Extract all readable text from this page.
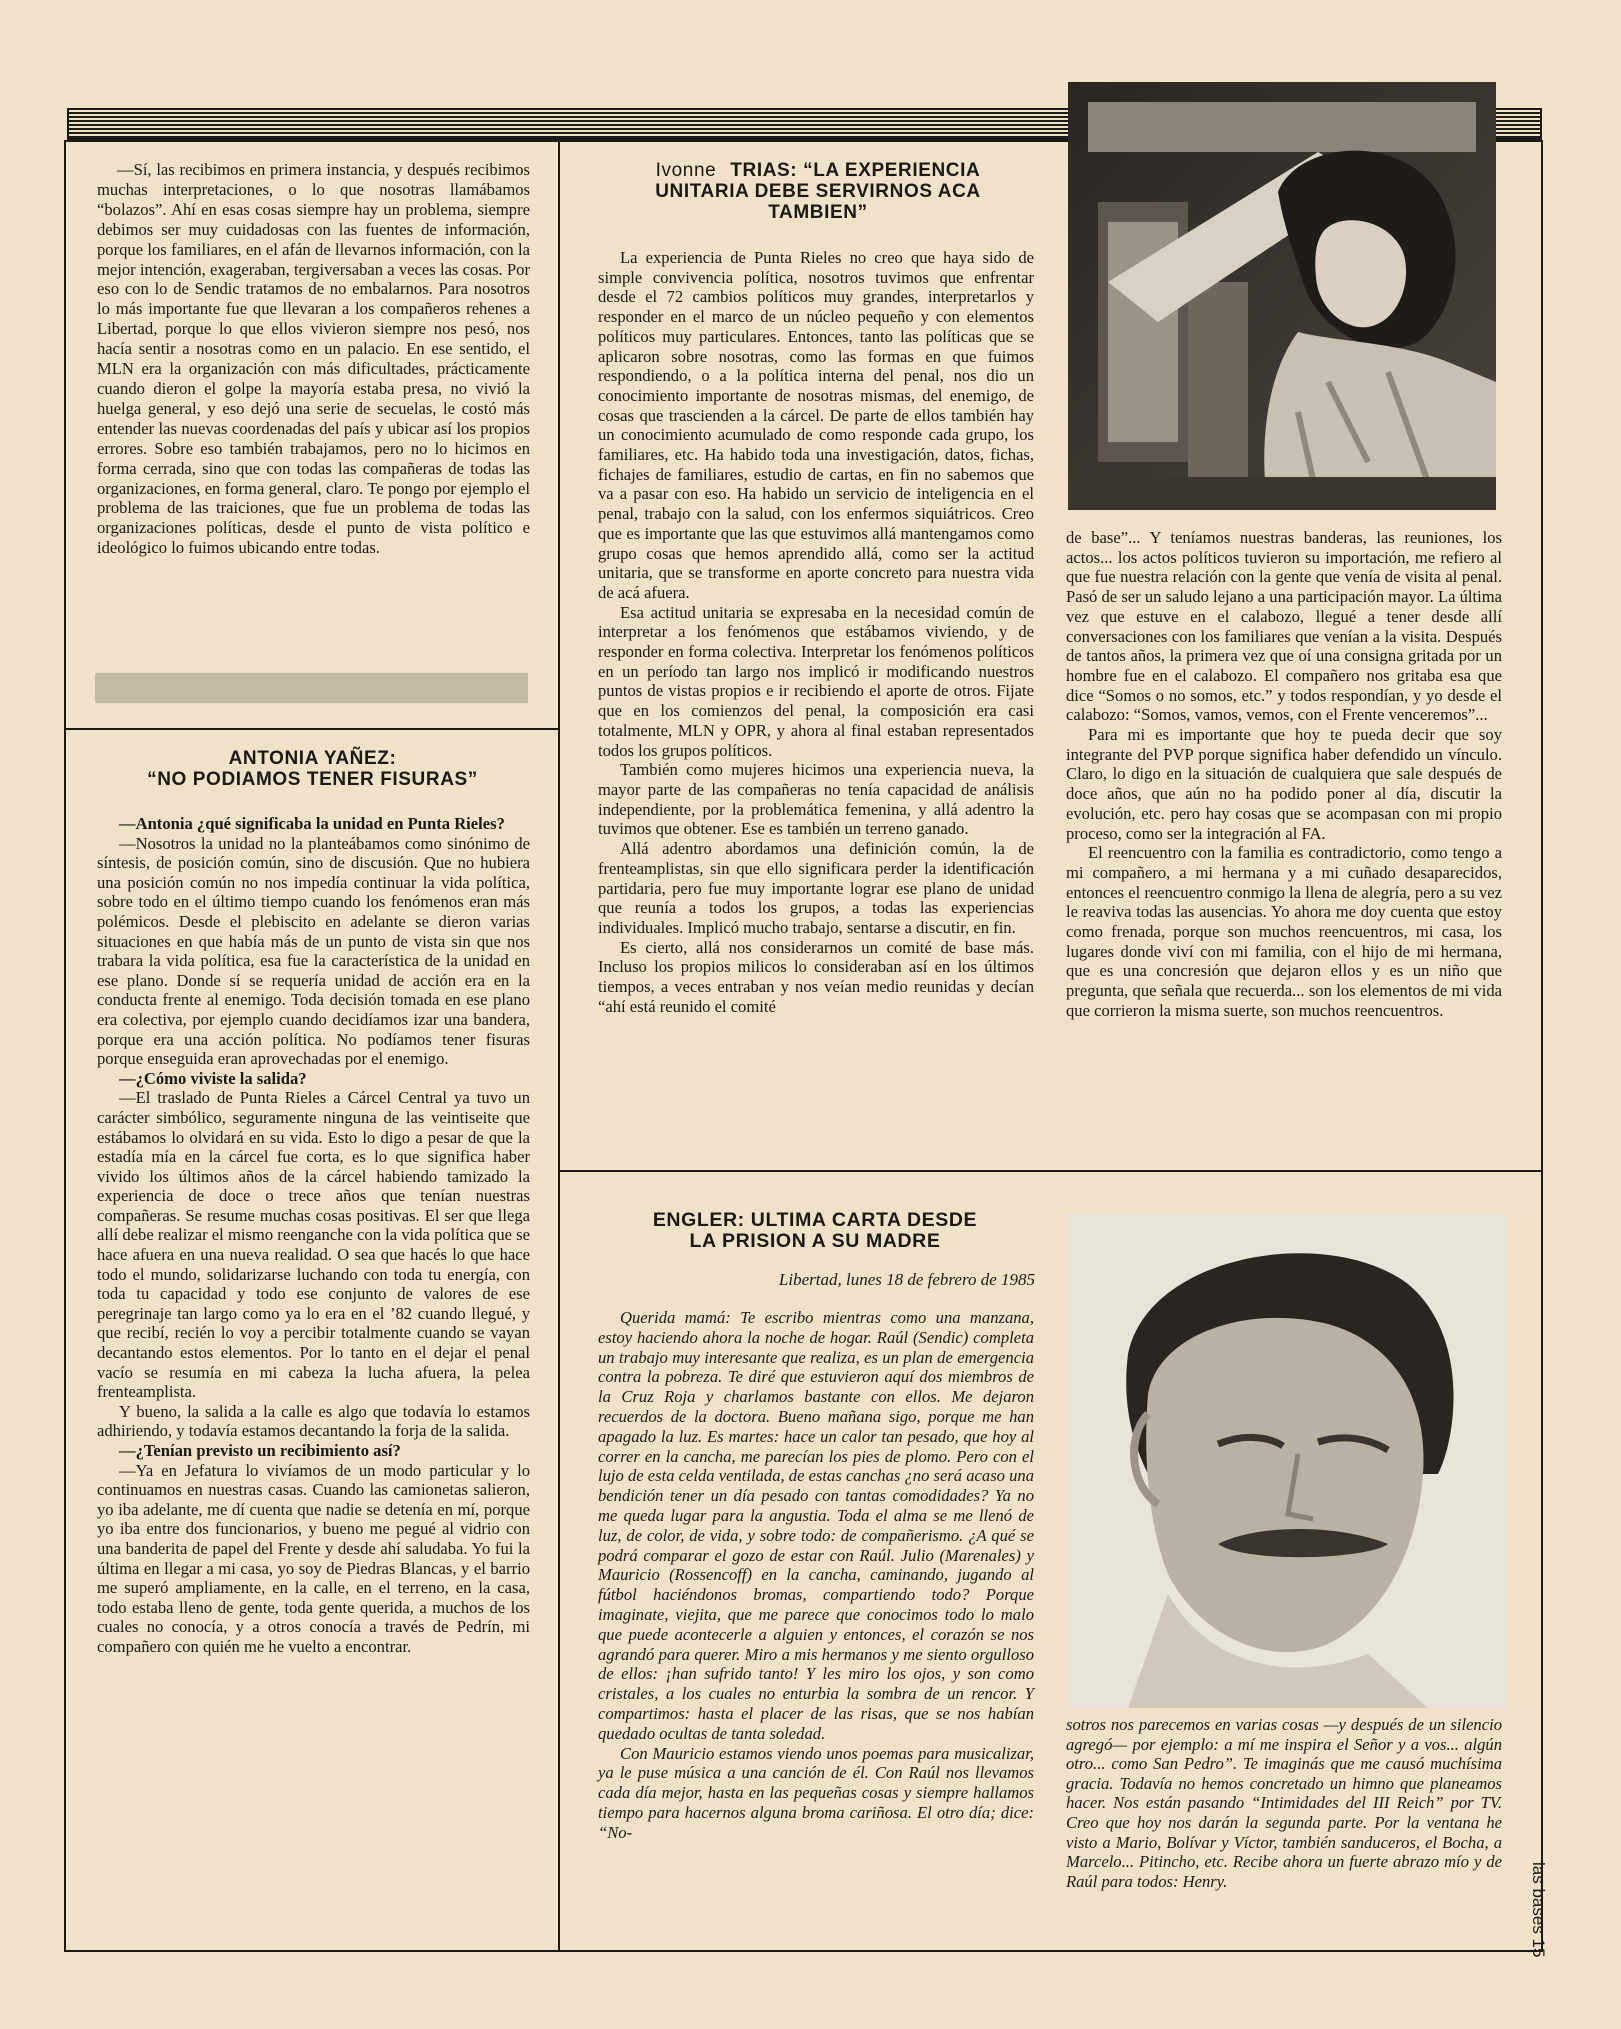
—Sí, las recibimos en primera instancia, y después recibimos muchas interpretaciones, o lo que nosotras llamábamos “bolazos”. Ahí en esas cosas siempre hay un problema, siempre debimos ser muy cuidadosas con las fuentes de información, porque los familiares, en el afán de llevarnos información, con la mejor intención, exageraban, tergiversaban a veces las cosas. Por eso con lo de Sendic tratamos de no embalarnos. Para nosotros lo más importante fue que llevaran a los compañeros rehenes a Libertad, porque lo que ellos vivieron siempre nos pesó, nos hacía sentir a nosotras como en un palacio. En ese sentido, el MLN era la organización con más dificultades, prácticamente cuando dieron el golpe la mayoría estaba presa, no vivió la huelga general, y eso dejó una serie de secuelas, le costó más entender las nuevas coordenadas del país y ubicar así los propios errores. Sobre eso también trabajamos, pero no lo hicimos en forma cerrada, sino que con todas las compañeras de todas las organizaciones, en forma general, claro. Te pongo por ejemplo el problema de las traiciones, que fue un problema de todas las organizaciones políticas, desde el punto de vista político e ideológico lo fuimos ubicando entre todas.

ANTONIA YAÑEZ:
“NO PODIAMOS TENER FISURAS”

—Antonia ¿qué significaba la unidad en Punta Rieles?

—Nosotros la unidad no la planteábamos como sinónimo de síntesis, de posición común, sino de discusión. Que no hubiera una posición común no nos impedía continuar la vida política, sobre todo en el último tiempo cuando los fenómenos eran más polémicos. Desde el plebiscito en adelante se dieron varias situaciones en que había más de un punto de vista sin que nos trabara la vida política, esa fue la característica de la unidad en ese plano. Donde sí se requería unidad de acción era en la conducta frente al enemigo. Toda decisión tomada en ese plano era colectiva, por ejemplo cuando decidíamos izar una bandera, porque era una acción política. No podíamos tener fisuras porque enseguida eran aprovechadas por el enemigo.

—¿Cómo viviste la salida?

—El traslado de Punta Rieles a Cárcel Central ya tuvo un carácter simbólico, seguramente ninguna de las veintiseite que estábamos lo olvidará en su vida. Esto lo digo a pesar de que la estadía mía en la cárcel fue corta, es lo que significa haber vivido los últimos años de la cárcel habiendo tamizado la experiencia de doce o trece años que tenían nuestras compañeras. Se resume muchas cosas positivas. El ser que llega allí debe realizar el mismo reenganche con la vida política que se hace afuera en una nueva realidad. O sea que hacés lo que hace todo el mundo, solidarizarse luchando con toda tu energía, con toda tu capacidad y todo ese conjunto de valores de ese peregrinaje tan largo como ya lo era en el ’82 cuando llegué, y que recibí, recién lo voy a percibir totalmente cuando se vayan decantando estos elementos. Por lo tanto en el dejar el penal vacío se resumía en mi cabeza la lucha afuera, la pelea frenteamplista.

Y bueno, la salida a la calle es algo que todavía lo estamos adhiriendo, y todavía estamos decantando la forja de la salida.

—¿Tenían previsto un recibimiento así?

—Ya en Jefatura lo vivíamos de un modo particular y lo continuamos en nuestras casas. Cuando las camionetas salieron, yo iba adelante, me dí cuenta que nadie se detenía en mí, porque yo iba entre dos funcionarios, y bueno me pegué al vidrio con una banderita de papel del Frente y desde ahí saludaba. Yo fui la última en llegar a mi casa, yo soy de Piedras Blancas, y el barrio me superó ampliamente, en la calle, en el terreno, en la casa, todo estaba lleno de gente, toda gente querida, a muchos de los cuales no conocía, y a otros conocía a través de Pedrín, mi compañero con quién me he vuelto a encontrar.

Ivonne TRIAS: “LA EXPERIENCIA
UNITARIA DEBE SERVIRNOS ACA
TAMBIEN”

La experiencia de Punta Rieles no creo que haya sido de simple convivencia política, nosotros tuvimos que enfrentar desde el 72 cambios políticos muy grandes, interpretarlos y responder en el marco de un núcleo pequeño y con elementos políticos muy particulares. Entonces, tanto las políticas que se aplicaron sobre nosotras, como las formas en que fuimos respondiendo, o a la política interna del penal, nos dio un conocimiento importante de nosotras mismas, del enemigo, de cosas que trascienden a la cárcel. De parte de ellos también hay un conocimiento acumulado de como responde cada grupo, los familiares, etc. Ha habido toda una investigación, datos, fichas, fichajes de familiares, estudio de cartas, en fin no sabemos que va a pasar con eso. Ha habido un servicio de inteligencia en el penal, trabajo con la salud, con los enfermos siquiátricos. Creo que es importante que las que estuvimos allá mantengamos como grupo cosas que hemos aprendido allá, como ser la actitud unitaria, que se transforme en aporte concreto para nuestra vida de acá afuera.

Esa actitud unitaria se expresaba en la necesidad común de interpretar a los fenómenos que estábamos viviendo, y de responder en forma colectiva. Interpretar los fenómenos políticos en un período tan largo nos implicó ir modificando nuestros puntos de vistas propios e ir recibiendo el aporte de otros. Fijate que en los comienzos del penal, la composición era casi totalmente, MLN y OPR, y ahora al final estaban representados todos los grupos políticos.

También como mujeres hicimos una experiencia nueva, la mayor parte de las compañeras no tenía capacidad de análisis independiente, por la problemática femenina, y allá adentro la tuvimos que obtener. Ese es también un terreno ganado.

Allá adentro abordamos una definición común, la de frenteamplistas, sin que ello significara perder la identificación partidaria, pero fue muy importante lograr ese plano de unidad que reunía a todos los grupos, a todas las experiencias individuales. Implicó mucho trabajo, sentarse a discutir, en fin.

Es cierto, allá nos considerarnos un comité de base más. Incluso los propios milicos lo consideraban así en los últimos tiempos, a veces entraban y nos veían medio reunidas y decían “ahí está reunido el comité

de base”... Y teníamos nuestras banderas, las reuniones, los actos... los actos políticos tuvieron su importación, me refiero al que fue nuestra relación con la gente que venía de visita al penal. Pasó de ser un saludo lejano a una participación mayor. La última vez que estuve en el calabozo, llegué a tener desde allí conversaciones con los familiares que venían a la visita. Después de tantos años, la primera vez que oí una consigna gritada por un hombre fue en el calabozo. El compañero nos gritaba esa que dice “Somos o no somos, etc.” y todos respondían, y yo desde el calabozo: “Somos, vamos, vemos, con el Frente venceremos”...

Para mi es importante que hoy te pueda decir que soy integrante del PVP porque significa haber defendido un vínculo. Claro, lo digo en la situación de cualquiera que sale después de doce años, que aún no ha podido poner al día, discutir la evolución, etc. pero hay cosas que se acompasan con mi propio proceso, como ser la integración al FA.

El reencuentro con la familia es contradictorio, como tengo a mi compañero, a mi hermana y a mi cuñado desaparecidos, entonces el reencuentro conmigo la llena de alegría, pero a su vez le reaviva todas las ausencias. Yo ahora me doy cuenta que estoy como frenada, porque son muchos reencuentros, mi casa, los lugares donde viví con mi familia, con el hijo de mi hermana, que es una concresión que dejaron ellos y es un niño que pregunta, que señala que recuerda... son los elementos de mi vida que corrieron la misma suerte, son muchos reencuentros.

ENGLER: ULTIMA CARTA DESDE
LA PRISION A SU MADRE
Libertad, lunes 18 de febrero de 1985

Querida mamá: Te escribo mientras como una manzana, estoy haciendo ahora la noche de hogar. Raúl (Sendic) completa un trabajo muy interesante que realiza, es un plan de emergencia contra la pobreza. Te diré que estuvieron aquí dos miembros de la Cruz Roja y charlamos bastante con ellos. Me dejaron recuerdos de la doctora. Bueno mañana sigo, porque me han apagado la luz. Es martes: hace un calor tan pesado, que hoy al correr en la cancha, me parecían los pies de plomo. Pero con el lujo de esta celda ventilada, de estas canchas ¿no será acaso una bendición tener un día pesado con tantas comodidades? Ya no me queda lugar para la angustia. Toda el alma se me llenó de luz, de color, de vida, y sobre todo: de compañerismo. ¿A qué se podrá comparar el gozo de estar con Raúl. Julio (Marenales) y Mauricio (Rossencoff) en la cancha, caminando, jugando al fútbol haciéndonos bromas, compartiendo todo? Porque imaginate, viejita, que me parece que conocimos todo lo malo que puede acontecerle a alguien y entonces, el corazón se nos agrandó para querer. Miro a mis hermanos y me siento orgulloso de ellos: ¡han sufrido tanto! Y les miro los ojos, y son como cristales, a los cuales no enturbia la sombra de un rencor. Y compartimos: hasta el placer de las risas, que se nos habían quedado ocultas de tanta soledad.

Con Mauricio estamos viendo unos poemas para musicalizar, ya le puse música a una canción de él. Con Raúl nos llevamos cada día mejor, hasta en las pequeñas cosas y siempre hallamos tiempo para hacernos alguna broma cariñosa. El otro día; dice: “No-

sotros nos parecemos en varias cosas —y después de un silencio agregó— por ejemplo: a mí me inspira el Señor y a vos... algún otro... como San Pedro”. Te imaginás que me causó muchísima gracia. Todavía no hemos concretado un himno que planeamos hacer. Nos están pasando “Intimidades del III Reich” por TV. Creo que hoy nos darán la segunda parte. Por la ventana he visto a Mario, Bolívar y Víctor, también sanduceros, el Bocha, a Marcelo... Pitincho, etc. Recibe ahora un fuerte abrazo mío y de Raúl para todos: Henry.	las bases 15
